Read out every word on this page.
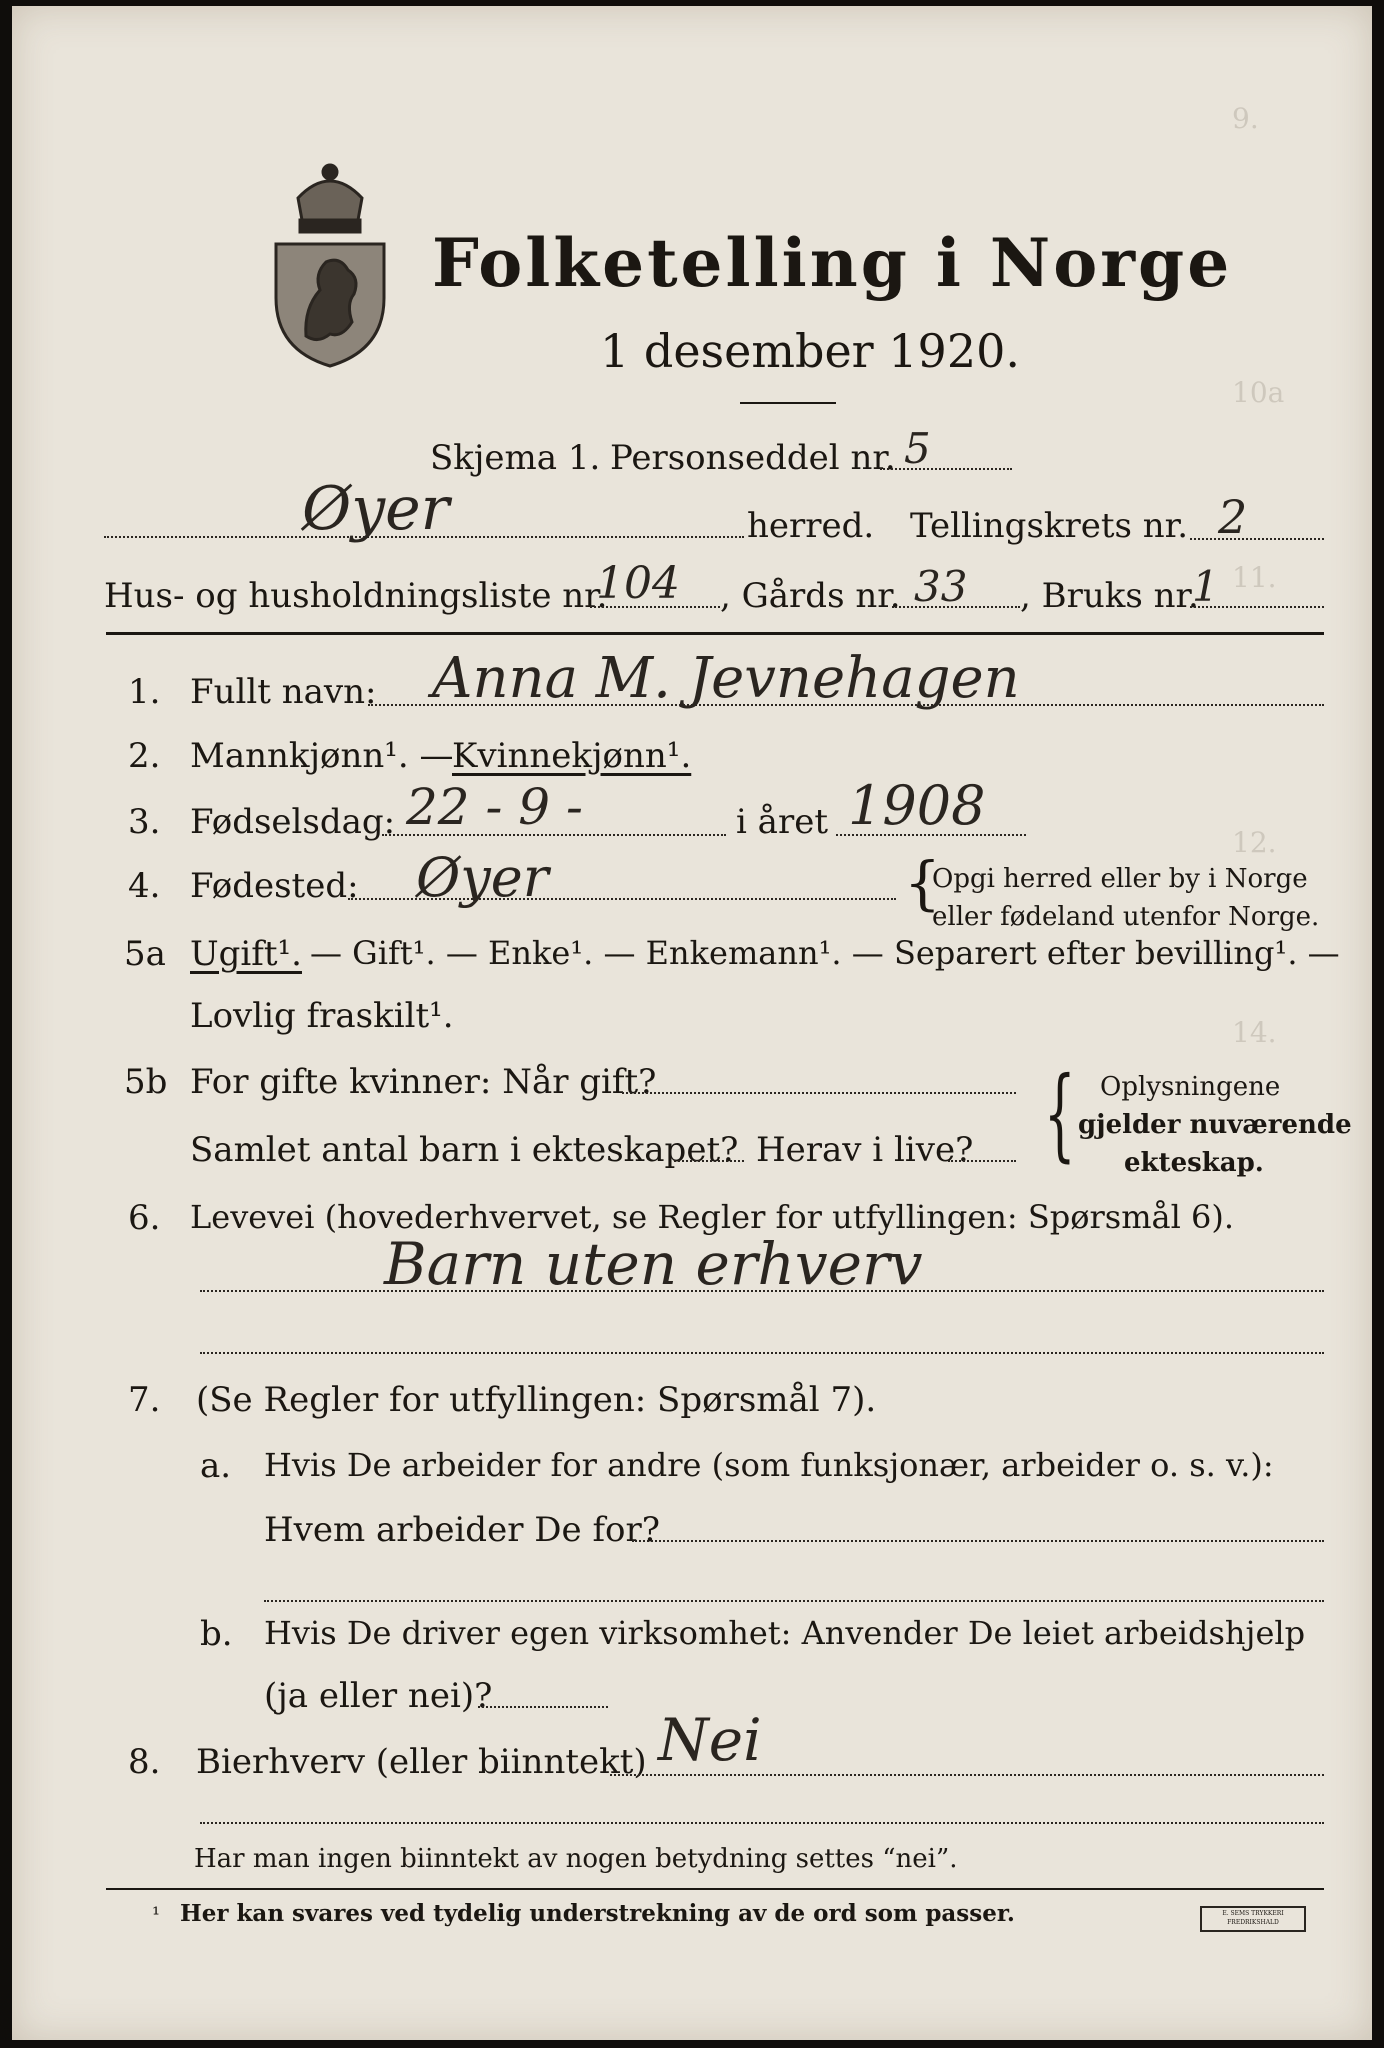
9.
10a
11.
12.
14.
Folketelling i Norge
1 desember 1920.
Skjema 1. Personseddel nr. 5
Øyer	herred. Tellingskrets nr. 2
Hus- og husholdningsliste nr.
104 , Gårds nr. 33 , Bruks nr.
1
1. Fullt navn: Anna M. Jevnehagen
2. Mannkjønn¹. —
Kvinnekjønn¹.
3. Fødselsdag: 22 - 9 -	i året 1908
4. Fødested: Øyer	{
Opgi herred eller by i Norge
eller fødeland utenfor Norge.
5a Ugift¹. — Gift¹. — Enke¹. — Enkemann¹. — Separert efter bevilling¹. —
Lovlig fraskilt¹.
5b For gifte kvinner: Når gift?
Samlet antal barn i ekteskapet? Herav i live? { Oplysningene
gjelder nuværende
ekteskap.
6. Levevei (hovederhvervet, se Regler for utfyllingen: Spørsmål 6).
Barn uten erhverv
7. (Se Regler for utfyllingen: Spørsmål 7).
a. Hvis De arbeider for andre (som funksjonær, arbeider o. s. v.):
Hvem arbeider De for?
b. Hvis De driver egen virksomhet: Anvender De leiet arbeidshjelp
(ja eller nei)?
8. Bierhverv (eller biinntekt) Nei
Har man ingen biinntekt av nogen betydning settes “nei”.
¹ Her kan svares ved tydelig understrekning av de ord som passer.	E. SEMS TRYKKERI FREDRIKSHALD
